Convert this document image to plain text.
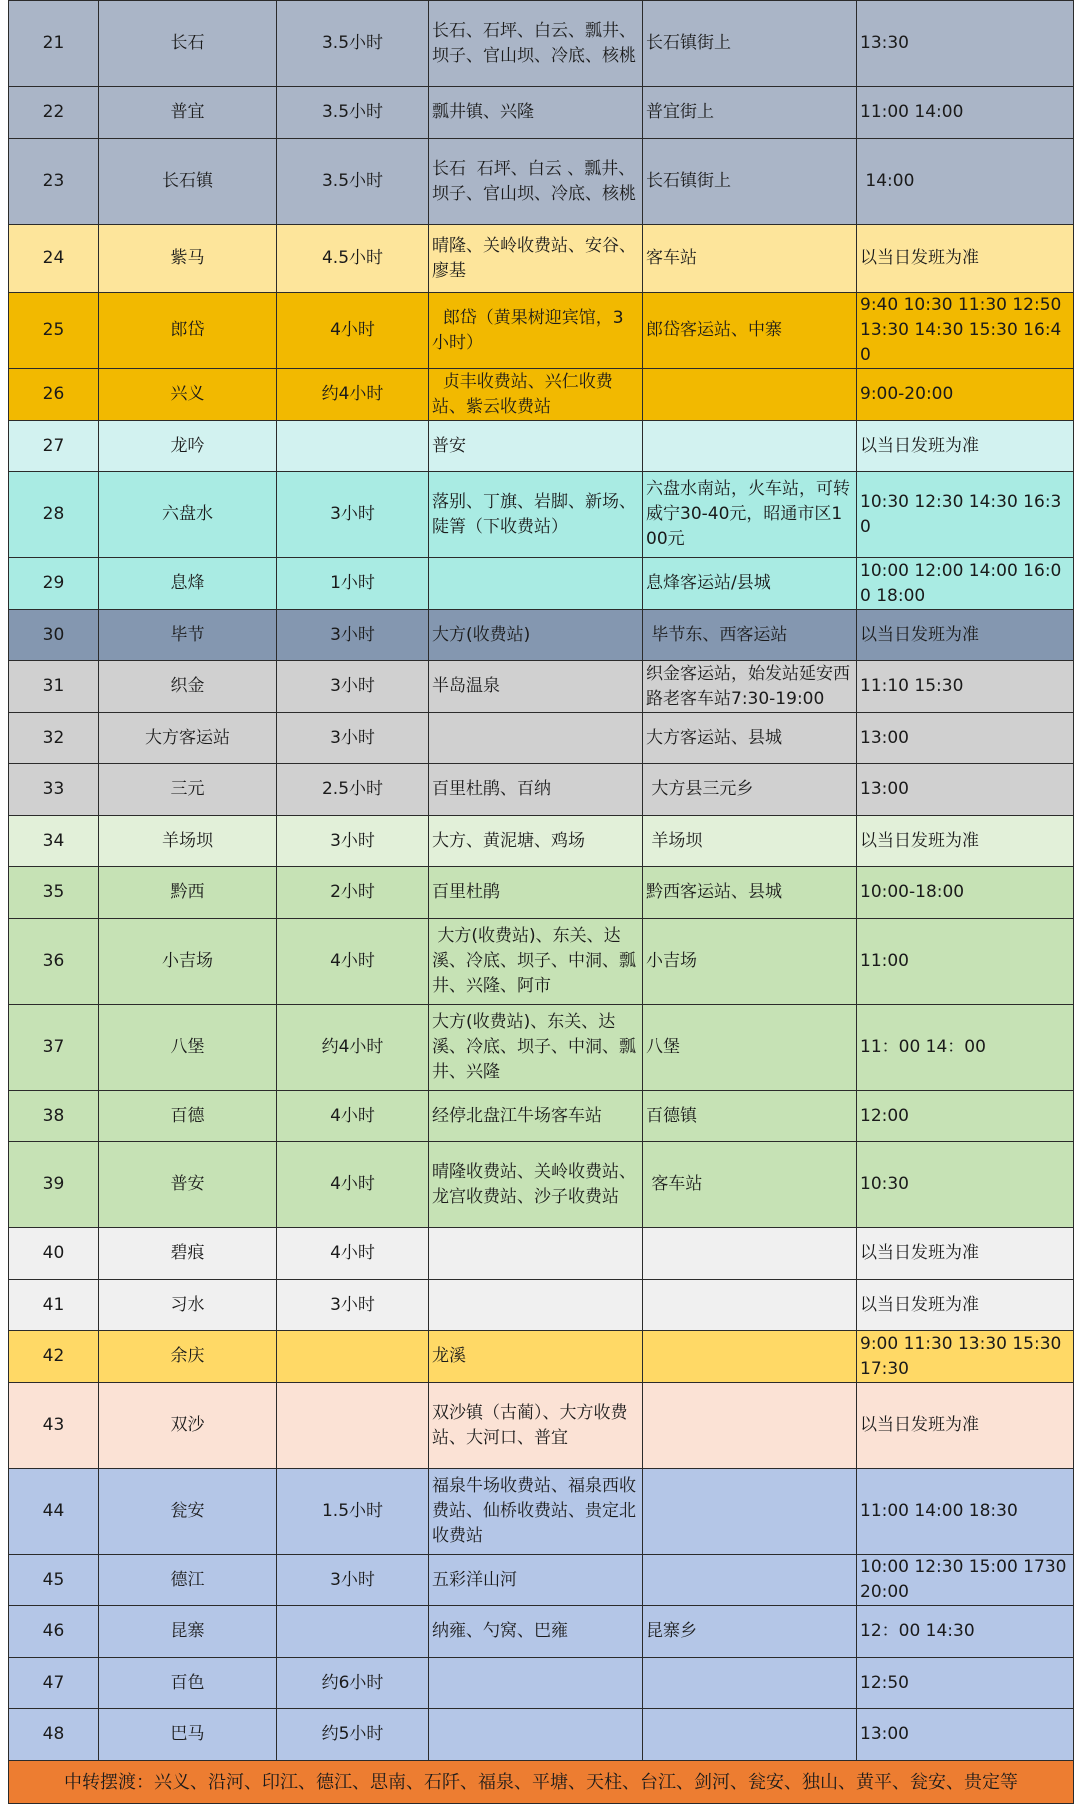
21	长石	3.5小时	长石、石坪、白云、瓢井、坝子、官山坝、冷底、核桃	长石镇街上	13:30
22	普宜	3.5小时	瓢井镇、兴隆	普宜街上	11:00 14:00
23	长石镇	3.5小时	长石  石坪、白云 、瓢井、坝子、官山坝、冷底、核桃	长石镇街上	14:00
24	紫马	4.5小时	晴隆、关岭收费站、安谷、廖基	客车站	以当日发班为准
25	郎岱	4小时	郎岱（黄果树迎宾馆，3小时）	郎岱客运站、中寨	9:40 10:30 11:30 12:50 13:30 14:30 15:30 16:40
26	兴义	约4小时	贞丰收费站、兴仁收费站、紫云收费站		9:00-20:00
27	龙吟		普安		以当日发班为准
28	六盘水	3小时	落别、丁旗、岩脚、新场、陡箐（下收费站）	六盘水南站，火车站，可转威宁30-40元，昭通市区100元	10:30 12:30 14:30 16:30
29	息烽	1小时		息烽客运站/县城	10:00 12:00 14:00 16:00 18:00
30	毕节	3小时	大方(收费站)	毕节东、西客运站	以当日发班为准
31	织金	3小时	半岛温泉	织金客运站，始发站延安西路老客车站7:30-19:00	11:10 15:30
32	大方客运站	3小时		大方客运站、县城	13:00
33	三元	2.5小时	百里杜鹃、百纳	大方县三元乡	13:00
34	羊场坝	3小时	大方、黄泥塘、鸡场	羊场坝	以当日发班为准
35	黔西	2小时	百里杜鹃	黔西客运站、县城	10:00-18:00
36	小吉场	4小时	大方(收费站)、东关、达溪、冷底、坝子、中洞、瓢井、兴隆、阿市	小吉场	11:00
37	八堡	约4小时	大方(收费站)、东关、达溪、冷底、坝子、中洞、瓢井、兴隆	八堡	11：00 14：00
38	百德	4小时	经停北盘江牛场客车站	百德镇	12:00
39	普安	4小时	晴隆收费站、关岭收费站、龙宫收费站、沙子收费站	客车站	10:30
40	碧痕	4小时			以当日发班为准
41	习水	3小时			以当日发班为准
42	余庆		龙溪		9:00 11:30 13:30 15:30 17:30
43	双沙		双沙镇（古蔺）、大方收费站、大河口、普宜		以当日发班为准
44	瓮安	1.5小时	福泉牛场收费站、福泉西收费站、仙桥收费站、贵定北收费站		11:00 14:00 18:30
45	德江	3小时	五彩洋山河		10:00 12:30 15:00 1730 20:00
46	昆寨		纳雍、勺窝、巴雍	昆寨乡	12：00 14:30
47	百色	约6小时			12:50
48	巴马	约5小时			13:00
中转摆渡：兴义、沿河、印江、德江、思南、石阡、福泉、平塘、天柱、台江、剑河、瓮安、独山、黄平、瓮安、贵定等					
